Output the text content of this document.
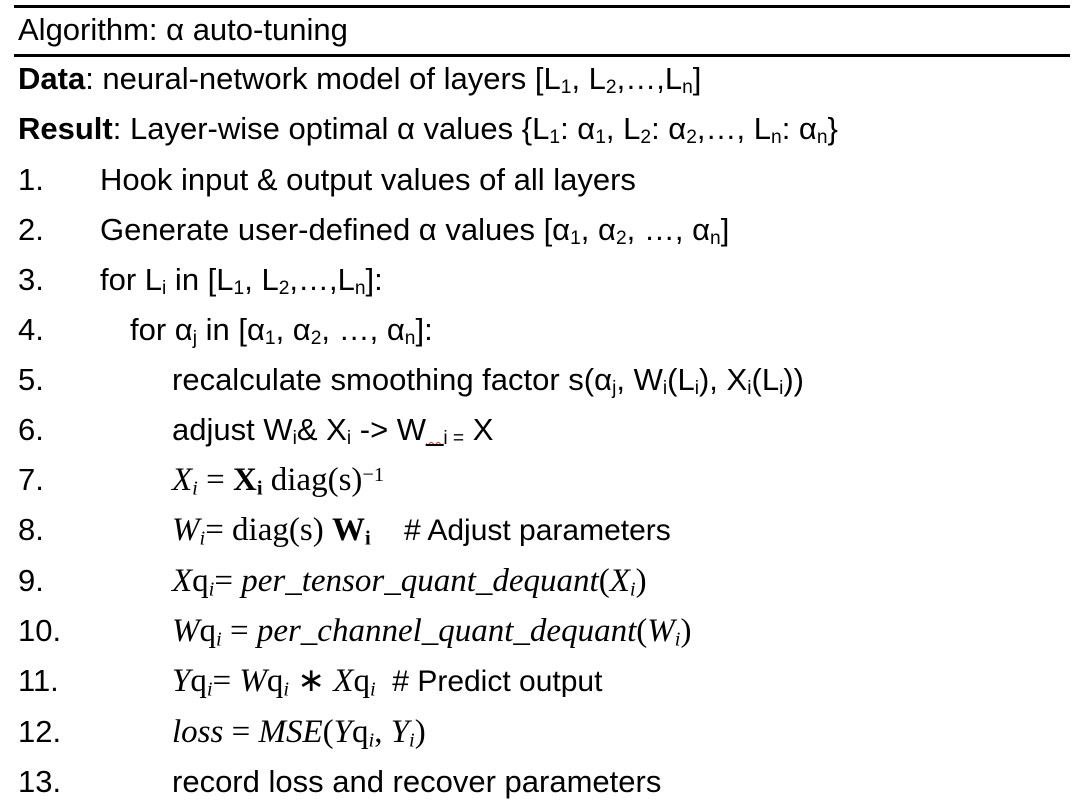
Algorithm: α auto-tuning
Data: neural-network model of layers [$L_1$, $L_2,\dots,L_n$]
Result: Layer-wise optimal α values {$L_1$: $\alpha_1$, $L_2$: $\alpha_2,\dots$, $L_n$: $\alpha_n$}
1.	Hook input & output values of all layers
2.	Generate user-defined α values [$\alpha_1$, $\alpha_2$, …, $\alpha_n$]
3.	for $L_i$ in [$L_1$, $L_2,\dots,L_n$]:
4.	for $\alpha_j$ in [$\alpha_1$, $\alpha_2$, …, $\alpha_n$]:
5.	recalculate smoothing factor $s(\alpha_j$, $W_i(L_i)$, $X_i(L_i)$)
6.	adjust $W_i\&$ $X_i$ -> $W\__{i =}$ X
7.	$X_i = X_i$ $diag(s)^{-1}$
8.	$W_i=$ diag(s) $W_i$    # Adjust parameters
9.	$Xq_i=$ $per\_tensor\_quant\_dequant(X_i)$
10.	$Wq_i$ = $per\_channel\_quant\_dequant(W_i)$
11.	$Yq_i= Wq_i$ ∗ $Xq_i$  # Predict output
12.	loss = $MSE(Yq_i$, $Y_i$)
13.	record loss and recover parameters
